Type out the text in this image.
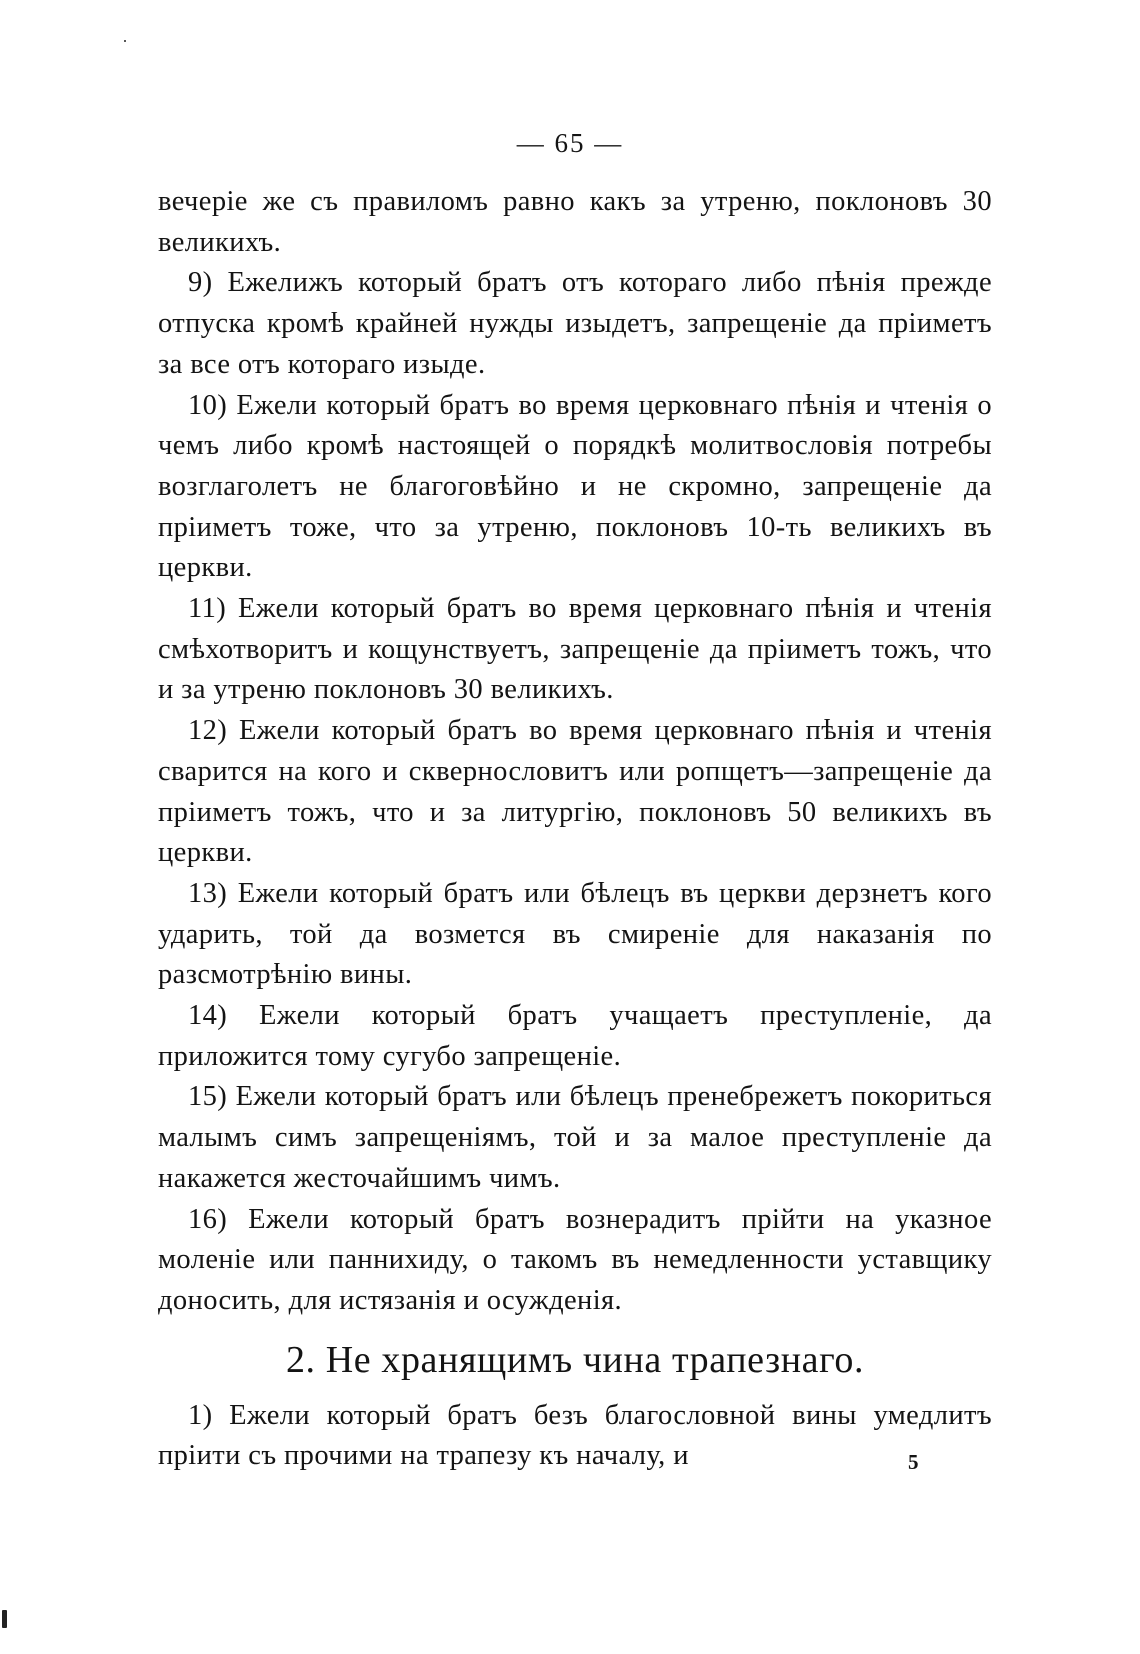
— 65 —

вечеріе же съ правиломъ равно какъ за утреню, поклоновъ 30 великихъ.

9) Ежелижъ который братъ отъ котораго либо пѣнія прежде отпуска кромѣ крайней нужды изыдетъ, запрещеніе да пріиметъ за все отъ котораго изыде.

10) Ежели который братъ во время церковнаго пѣнія и чтенія о чемъ либо кромѣ настоящей о порядкѣ молитвословія потребы возглаголетъ не благоговѣйно и не скромно, запрещеніе да пріиметъ тоже, что за утреню, поклоновъ 10-ть великихъ въ церкви.

11) Ежели который братъ во время церковнаго пѣнія и чтенія смѣхотворитъ и кощунствуетъ, запрещеніе да пріиметъ тожъ, что и за утреню поклоновъ 30 великихъ.

12) Ежели который братъ во время церковнаго пѣнія и чтенія сварится на кого и сквернословитъ или ропщетъ—запрещеніе да пріиметъ тожъ, что и за литургію, поклоновъ 50 великихъ въ церкви.

13) Ежели который братъ или бѣлецъ въ церкви дерзнетъ кого ударить, той да возмется въ смиреніе для наказанія по разсмотрѣнію вины.

14) Ежели который братъ учащаетъ преступленіе, да приложится тому сугубо запрещеніе.

15) Ежели который братъ или бѣлецъ пренебрежетъ покориться малымъ симъ запрещеніямъ, той и за малое преступленіе да накажется жесточайшимъ чимъ.

16) Ежели который братъ вознерадитъ прійти на указное моленіе или паннихиду, о такомъ въ немедленности уставщику доносить, для истязанія и осужденія.

2. Не хранящимъ чина трапезнаго.

1) Ежели который братъ безъ благословной вины умедлитъ пріити съ прочими на трапезу къ началу, и	5
